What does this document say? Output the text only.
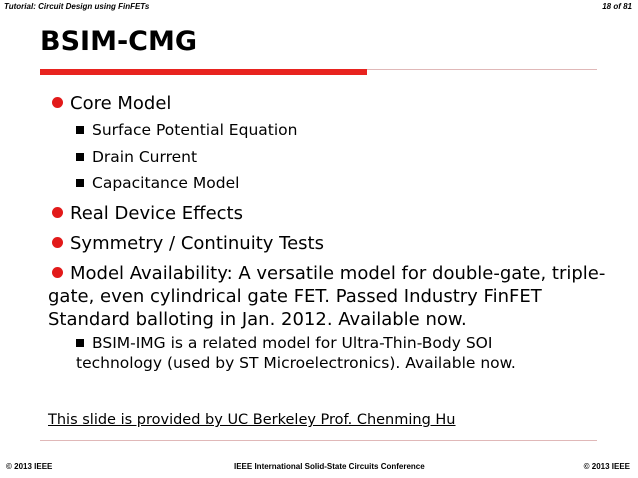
Tutorial: Circuit Design using FinFETs	18 of 81
BSIM-CMG
Core Model
Surface Potential Equation
Drain Current
Capacitance Model
Real Device Effects
Symmetry / Continuity Tests
Model Availability: A versatile model for double-gate, triple-
gate, even cylindrical gate FET. Passed Industry FinFET
Standard balloting in Jan. 2012. Available now.
BSIM-IMG is a related model for Ultra-Thin-Body SOI
technology (used by ST Microelectronics). Available now.
This slide is provided by UC Berkeley Prof. Chenming Hu
© 2013 IEEE	IEEE International Solid-State Circuits Conference	© 2013 IEEE
